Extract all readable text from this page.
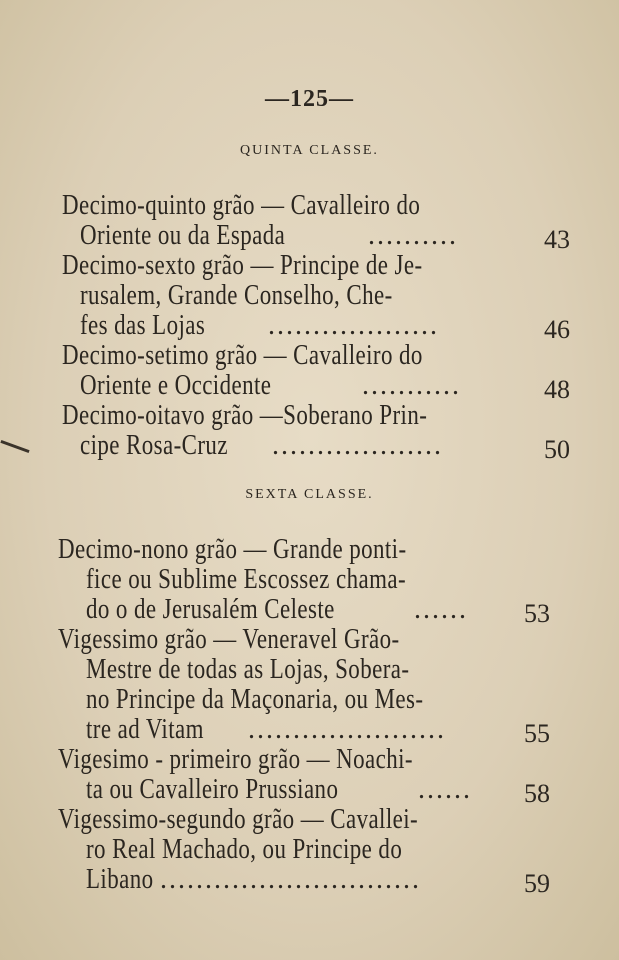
—125—
QUINTA CLASSE.
Decimo-quinto grão — Cavalleiro do
Oriente ou da Espada	..........	43
Decimo-sexto grão — Principe de Je-
rusalem, Grande Conselho, Che-
fes das Lojas ...................	46
Decimo-setimo grão — Cavalleiro do
Oriente e Occidente	...........	48
Decimo-oitavo grão —Soberano Prin-
cipe Rosa-Cruz ...................	50
SEXTA CLASSE.
Decimo-nono grão — Grande ponti-
fice ou Sublime Escossez chama-
do o de Jerusalém Celeste	......	53
Vigessimo grão — Veneravel Grão-
Mestre de todas as Lojas, Sobera-
no Principe da Maçonaria, ou Mes-
tre ad Vitam ......................	55
Vigesimo - primeiro grão — Noachi-
ta ou Cavalleiro Prussiano	......	58
Vigessimo-segundo grão — Cavallei-
ro Real Machado, ou Principe do
Libano .............................	59
